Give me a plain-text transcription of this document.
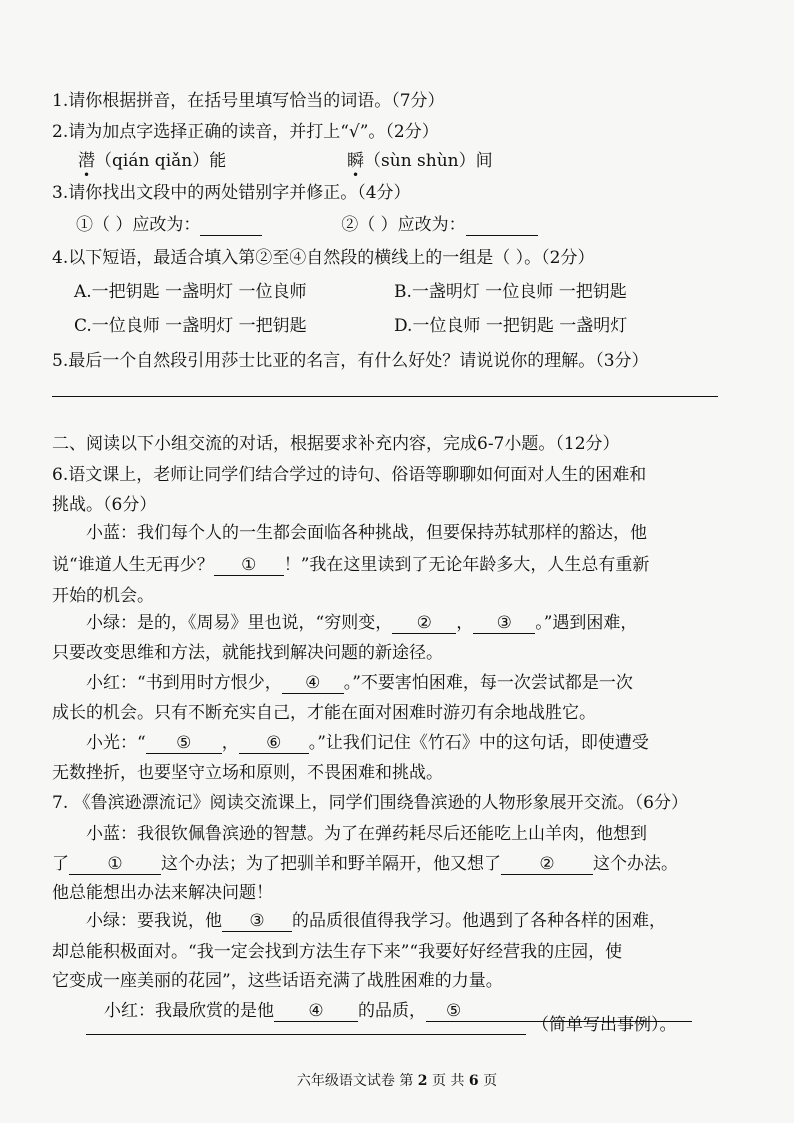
1.请你根据拼音，在括号里填写恰当的词语。（7分）
2.请为加点字选择正确的读音，并打上“√”。（2分）
潜（qián qiǎn）能	瞬（sùn shùn）间
3.请你找出文段中的两处错别字并修正。（4分）
①（ ）应改为：	②（ ）应改为：
4.以下短语，最适合填入第②至④自然段的横线上的一组是（ ）。（2分）
A.一把钥匙 一盏明灯 一位良师	B.一盏明灯 一位良师 一把钥匙
C.一位良师 一盏明灯 一把钥匙	D.一位良师 一把钥匙 一盏明灯
5.最后一个自然段引用莎士比亚的名言，有什么好处？请说说你的理解。（3分）
二、阅读以下小组交流的对话，根据要求补充内容，完成6-7小题。（12分）
6.语文课上，老师让同学们结合学过的诗句、俗语等聊聊如何面对人生的困难和
挑战。（6分）
小蓝：我们每个人的一生都会面临各种挑战，但要保持苏轼那样的豁达，他
说“谁道人生无再少？ ① ！”我在这里读到了无论年龄多大，人生总有重新
开始的机会。
小绿：是的，《周易》里也说，“穷则变， ② ， ③ 。”遇到困难，
只要改变思维和方法，就能找到解决问题的新途径。
小红：“书到用时方恨少， ④ 。”不要害怕困难，每一次尝试都是一次
成长的机会。只有不断充实自己，才能在面对困难时游刃有余地战胜它。
小光：“ ⑤ ， ⑥ 。”让我们记住《竹石》中的这句话，即使遭受
无数挫折，也要坚守立场和原则，不畏困难和挑战。
7. 《鲁滨逊漂流记》阅读交流课上，同学们围绕鲁滨逊的人物形象展开交流。（6分）
小蓝：我很钦佩鲁滨逊的智慧。为了在弹药耗尽后还能吃上山羊肉，他想到
了 ① 这个办法；为了把驯羊和野羊隔开，他又想了 ② 这个办法。
他总能想出办法来解决问题！
小绿：要我说，他 ③ 的品质很值得我学习。他遇到了各种各样的困难，
却总能积极面对。“我一定会找到方法生存下来”“我要好好经营我的庄园，使
它变成一座美丽的花园”，这些话语充满了战胜困难的力量。
小红：我最欣赏的是他 ④ 的品质， ⑤
（简单写出事例）。
六年级语文试卷 第 2 页 共 6 页
